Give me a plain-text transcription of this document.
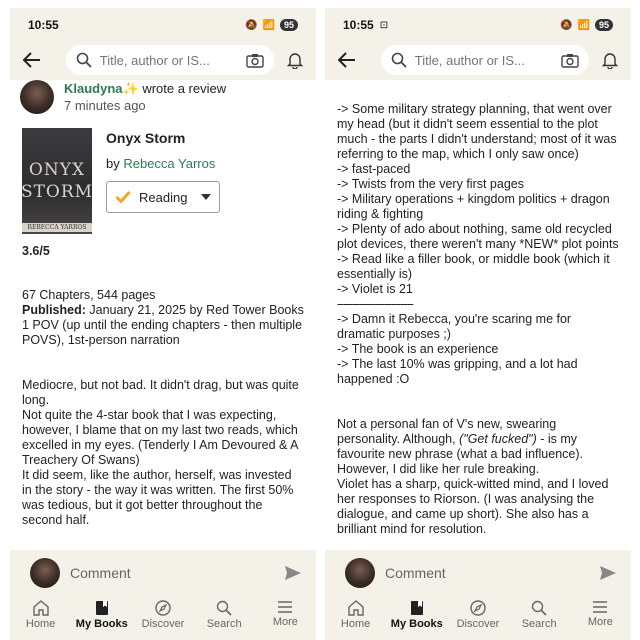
10:55	🔕 📶	95
Title, author or IS...
Klaudyna✨ wrote a review
7 minutes ago
ONYX
STORM
REBECCA YARROS
Onyx Storm
by Rebecca Yarros
Reading
3.6/5

67 Chapters, 544 pages

Published: January 21, 2025 by Red Tower Books

1 POV (up until the ending chapters - then multiple POVS), 1st-person narration

Mediocre, but not bad. It didn't drag, but was quite long.

Not quite the 4-star book that I was expecting, however, I blame that on my last two reads, which excelled in my eyes. (Tenderly I Am Devoured & A Treachery Of Swans)

It did seem, like the author, herself, was invested in the story - the way it was written. The first 50% was tedious, but it got better throughout the second half.

Comment
Home My Books Discover Search	More
10:55 ⊡	🔕 📶	95
Title, author or IS...

-> Some military strategy planning, that went over my head (but it didn't seem essential to the plot much - the parts I didn't understand; most of it was referring to the map, which I only saw once)

-> fast-paced

-> Twists from the very first pages

-> Military operations + kingdom politics + dragon riding & fighting

-> Plenty of ado about nothing, same old recycled plot devices, there weren't many *NEW* plot points

-> Read like a filler book, or middle book (which it essentially is)

-> Violet is 21

------------------------

-> Damn it Rebecca, you're scaring me for dramatic purposes ;)

-> The book is an experience

-> The last 10% was gripping, and a lot had happened :O

Not a personal fan of V's new, swearing personality. Although, ("Get fucked") - is my favourite new phrase (what a bad influence). However, I did like her rule breaking.

Violet has a sharp, quick-witted mind, and I loved her responses to Riorson. (I was analysing the dialogue, and came up short). She also has a brilliant mind for resolution.

Comment
Home My Books Discover Search	More
